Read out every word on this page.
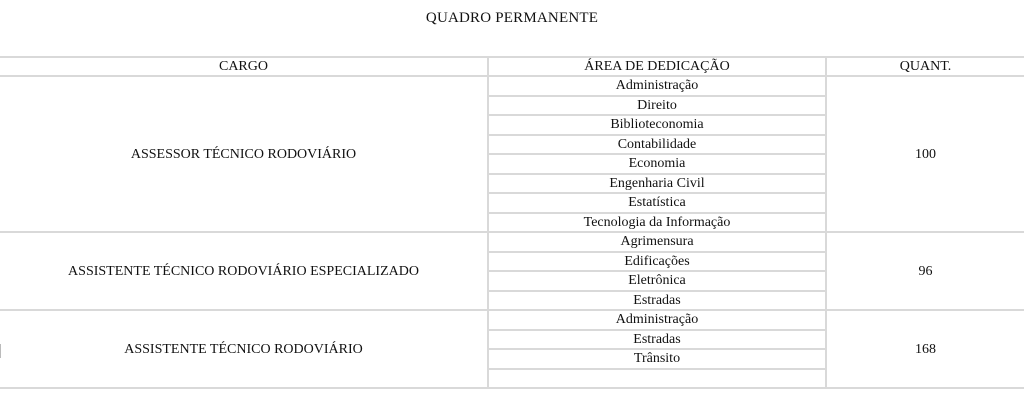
QUADRO PERMANENTE
CARGO	ÁREA DE DEDICAÇÃO	QUANT.
ASSESSOR TÉCNICO RODOVIÁRIO	Administração	100
	Direito	
	Biblioteconomia	
	Contabilidade	
	Economia	
	Engenharia Civil	
	Estatística	
	Tecnologia da Informação	
ASSISTENTE TÉCNICO RODOVIÁRIO ESPECIALIZADO	Agrimensura	96
	Edificações	
	Eletrônica	
	Estradas	
ASSISTENTE TÉCNICO RODOVIÁRIO	Administração	168
	Estradas	
	Trânsito	
